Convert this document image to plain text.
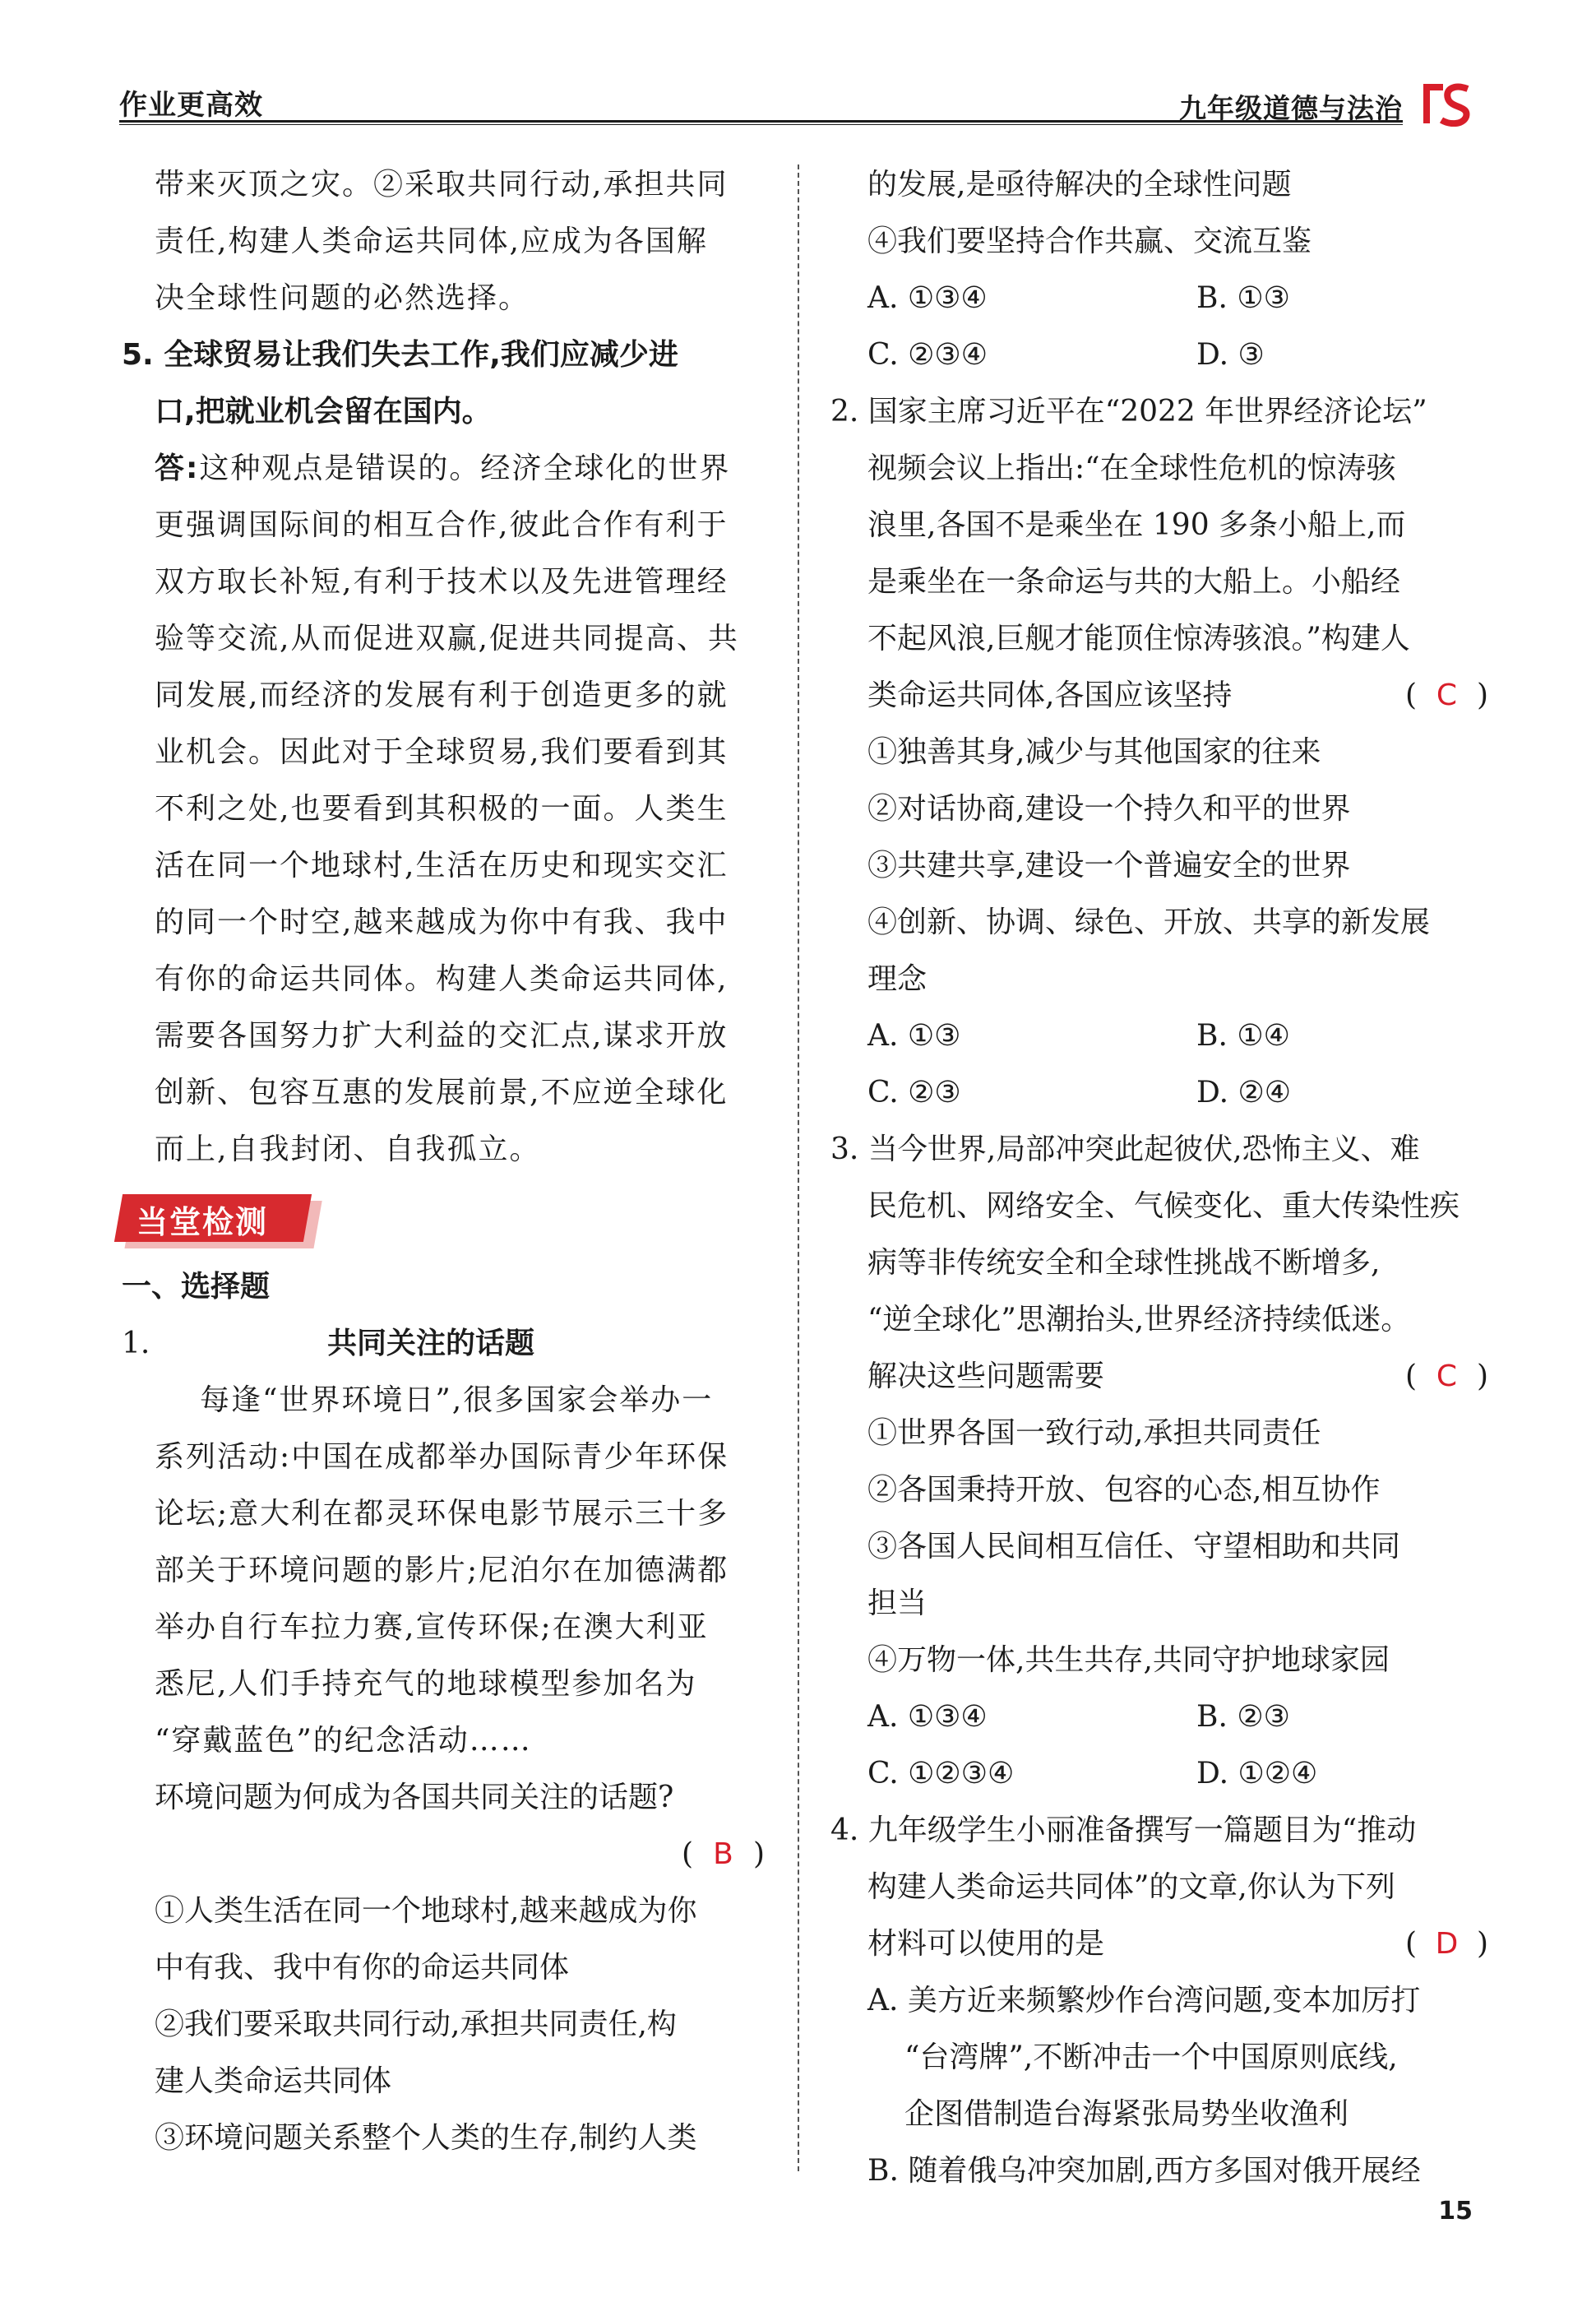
作业更高效	九年级道德与法治
带来灭顶之灾。②采取共同行动,承担共同
责任,构建人类命运共同体,应成为各国解
决全球性问题的必然选择。
5. 全球贸易让我们失去工作,我们应减少进
口,把就业机会留在国内。
答:这种观点是错误的。经济全球化的世界
更强调国际间的相互合作,彼此合作有利于
双方取长补短,有利于技术以及先进管理经
验等交流,从而促进双赢,促进共同提高、共
同发展,而经济的发展有利于创造更多的就
业机会。因此对于全球贸易,我们要看到其
不利之处,也要看到其积极的一面。人类生
活在同一个地球村,生活在历史和现实交汇
的同一个时空,越来越成为你中有我、我中
有你的命运共同体。构建人类命运共同体,
需要各国努力扩大利益的交汇点,谋求开放
创新、包容互惠的发展前景,不应逆全球化
而上,自我封闭、自我孤立。
当堂检测
一、选择题
1.	共同关注的话题
每逢“世界环境日”,很多国家会举办一
系列活动:中国在成都举办国际青少年环保
论坛;意大利在都灵环保电影节展示三十多
部关于环境问题的影片;尼泊尔在加德满都
举办自行车拉力赛,宣传环保;在澳大利亚
悉尼,人们手持充气的地球模型参加名为
“穿戴蓝色”的纪念活动……
环境问题为何成为各国共同关注的话题?
( B )
①人类生活在同一个地球村,越来越成为你
中有我、我中有你的命运共同体
②我们要采取共同行动,承担共同责任,构
建人类命运共同体
③环境问题关系整个人类的生存,制约人类
的发展,是亟待解决的全球性问题
④我们要坚持合作共赢、交流互鉴
A. ①③④	B. ①③
C. ②③④	D. ③
2. 国家主席习近平在“2022 年世界经济论坛”
视频会议上指出:“在全球性危机的惊涛骇
浪里,各国不是乘坐在 190 多条小船上,而
是乘坐在一条命运与共的大船上。小船经
不起风浪,巨舰才能顶住惊涛骇浪。”构建人
类命运共同体,各国应该坚持	( C )
①独善其身,减少与其他国家的往来
②对话协商,建设一个持久和平的世界
③共建共享,建设一个普遍安全的世界
④创新、协调、绿色、开放、共享的新发展
理念
A. ①③	B. ①④
C. ②③	D. ②④
3. 当今世界,局部冲突此起彼伏,恐怖主义、难
民危机、网络安全、气候变化、重大传染性疾
病等非传统安全和全球性挑战不断增多,
“逆全球化”思潮抬头,世界经济持续低迷。
解决这些问题需要	( C )
①世界各国一致行动,承担共同责任
②各国秉持开放、包容的心态,相互协作
③各国人民间相互信任、守望相助和共同
担当
④万物一体,共生共存,共同守护地球家园
A. ①③④	B. ②③
C. ①②③④	D. ①②④
4. 九年级学生小丽准备撰写一篇题目为“推动
构建人类命运共同体”的文章,你认为下列
材料可以使用的是	( D )
A. 美方近来频繁炒作台湾问题,变本加厉打
“台湾牌”,不断冲击一个中国原则底线,
企图借制造台海紧张局势坐收渔利
B. 随着俄乌冲突加剧,西方多国对俄开展经
15
